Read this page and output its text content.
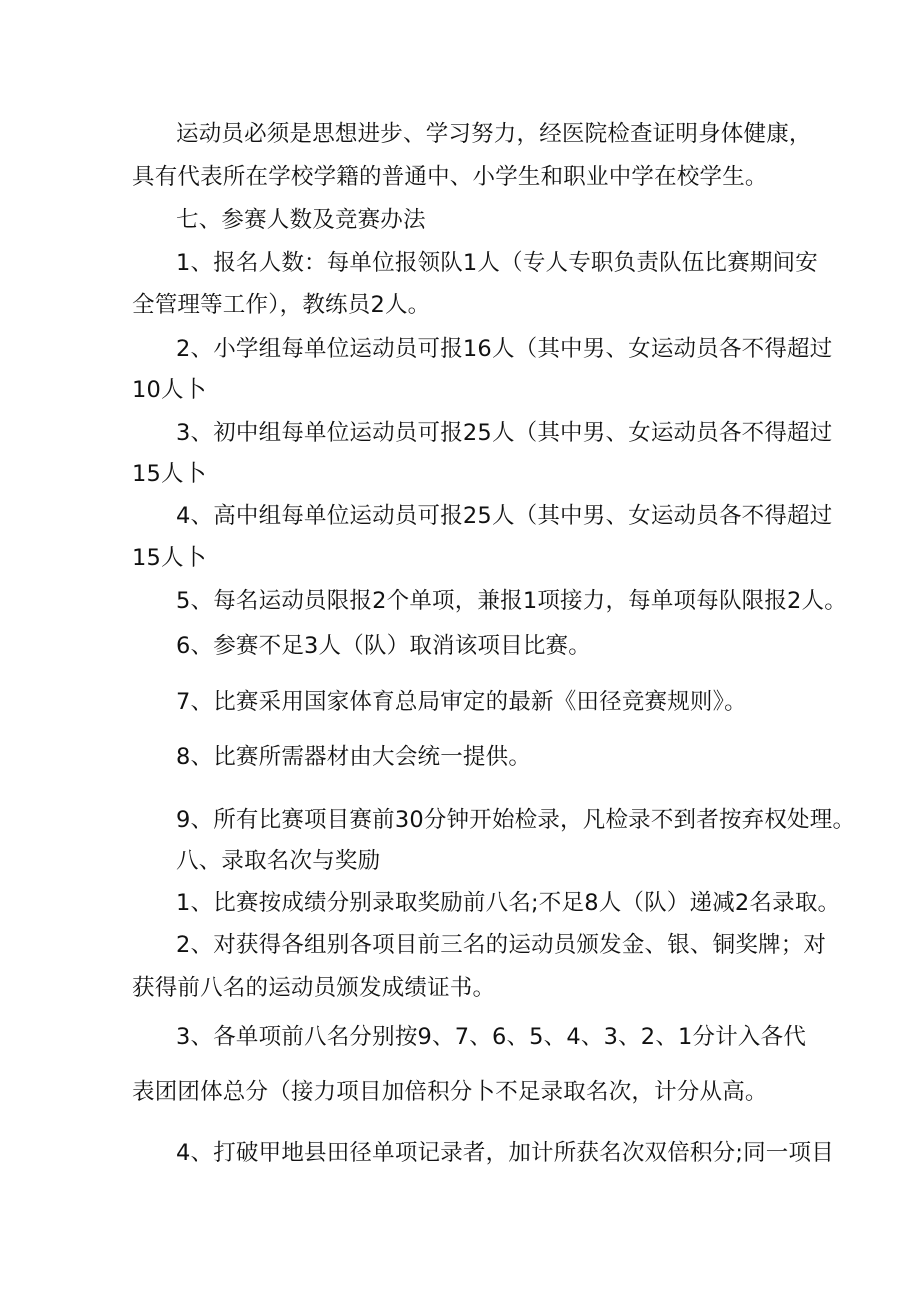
运动员必须是思想进步、学习努力，经医院检查证明身体健康，
具有代表所在学校学籍的普通中、小学生和职业中学在校学生。
七、参赛人数及竞赛办法
1、报名人数：每单位报领队1人（专人专职负责队伍比赛期间安
全管理等工作），教练员2人。
2、小学组每单位运动员可报16人（其中男、女运动员各不得超过
10人卜
3、初中组每单位运动员可报25人（其中男、女运动员各不得超过
15人卜
4、高中组每单位运动员可报25人（其中男、女运动员各不得超过
15人卜
5、每名运动员限报2个单项，兼报1项接力，每单项每队限报2人。
6、参赛不足3人（队）取消该项目比赛。
7、比赛采用国家体育总局审定的最新《田径竞赛规则》。
8、比赛所需器材由大会统一提供。
9、所有比赛项目赛前30分钟开始检录，凡检录不到者按弃权处理。
八、录取名次与奖励
1、比赛按成绩分别录取奖励前八名;不足8人（队）递减2名录取。
2、对获得各组别各项目前三名的运动员颁发金、银、铜奖牌；对
获得前八名的运动员颁发成绩证书。
3、各单项前八名分别按9、7、6、5、4、3、2、1分计入各代
表团团体总分（接力项目加倍积分卜不足录取名次，计分从高。
4、打破甲地县田径单项记录者，加计所获名次双倍积分;同一项目
